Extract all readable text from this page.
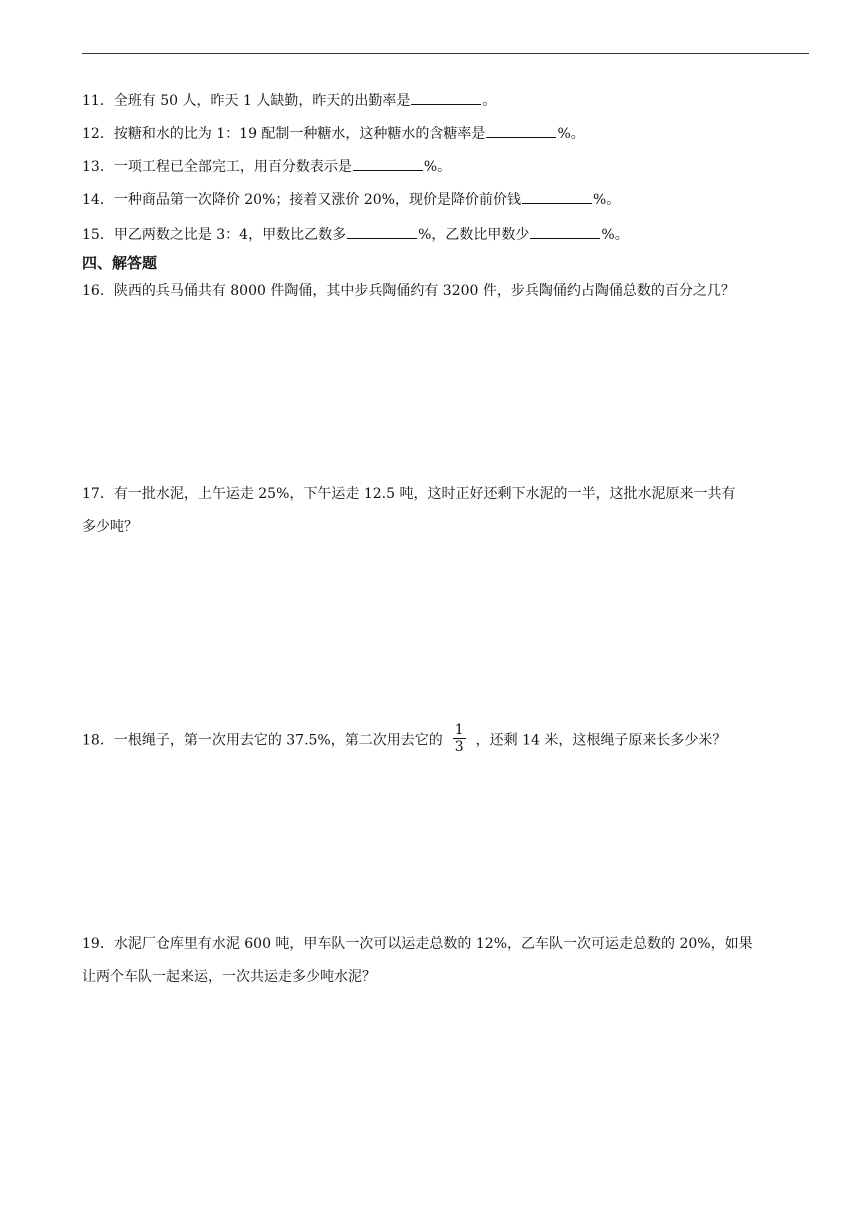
11．全班有 50 人，昨天 1 人缺勤，昨天的出勤率是	。
12．按糖和水的比为 1：19 配制一种糖水，这种糖水的含糖率是	%。
13．一项工程已全部完工，用百分数表示是	%。
14．一种商品第一次降价 20%；接着又涨价 20%，现价是降价前价钱	%。
15．甲乙两数之比是 3：4，甲数比乙数多	%，乙数比甲数少	%。
四、解答题
16．陕西的兵马俑共有 8000 件陶俑，其中步兵陶俑约有 3200 件，步兵陶俑约占陶俑总数的百分之几？
17．有一批水泥，上午运走 25%，下午运走 12.5 吨，这时正好还剩下水泥的一半，这批水泥原来一共有
多少吨？
18．一根绳子，第一次用去它的 37.5%，第二次用去它的 $\frac{1}{3}$ ，还剩 14 米，这根绳子原来长多少米？
19．水泥厂仓库里有水泥 600 吨，甲车队一次可以运走总数的 12%，乙车队一次可运走总数的 20%，如果
让两个车队一起来运，一次共运走多少吨水泥？
